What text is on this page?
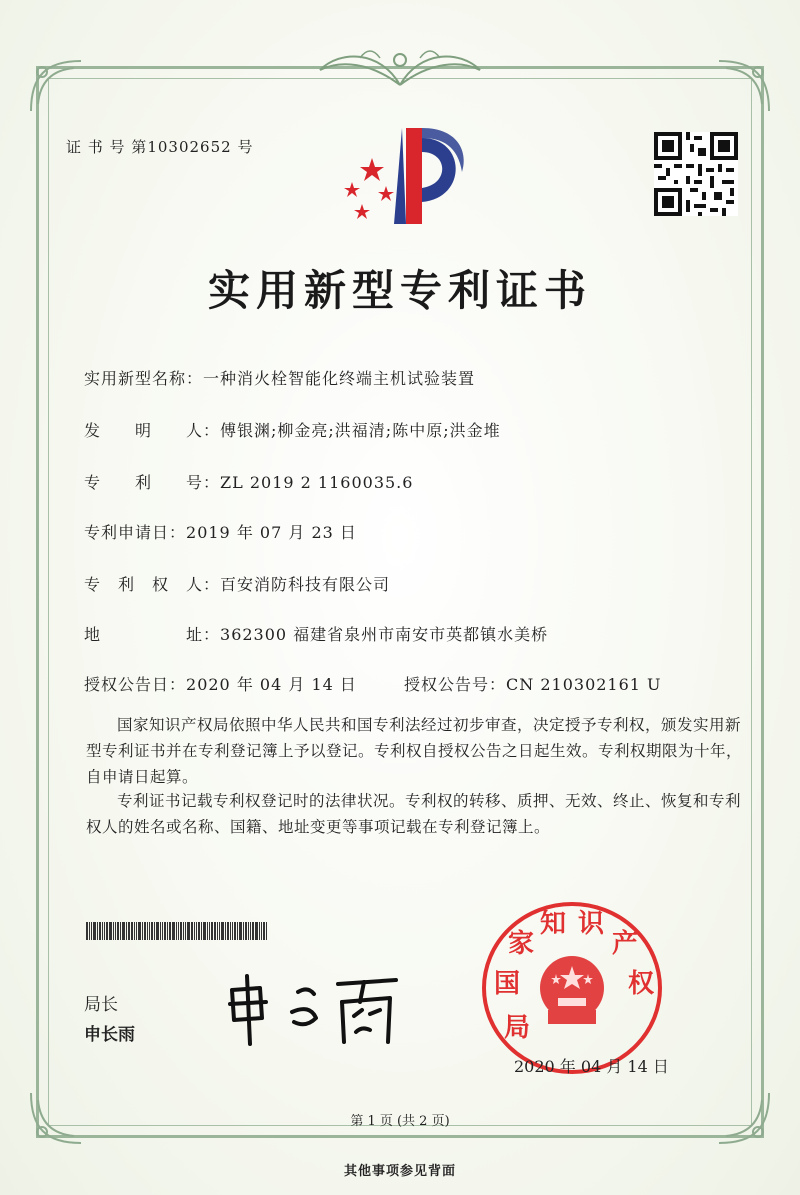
证 书 号 第10302652 号
实用新型专利证书
实用新型名称：一种消火栓智能化终端主机试验装置
发　　明　　人：傅银渊;柳金亮;洪福清;陈中原;洪金堆
专　　利　　号：ZL 2019 2 1160035.6
专利申请日：2019 年 07 月 23 日
专　利　权　人：百安消防科技有限公司
地　　　　　址：362300 福建省泉州市南安市英都镇水美桥
授权公告日：2020 年 04 月 14 日	授权公告号：CN 210302161 U
国家知识产权局依照中华人民共和国专利法经过初步审查，决定授予专利权，颁发实用新型专利证书并在专利登记簿上予以登记。专利权自授权公告之日起生效。专利权期限为十年，自申请日起算。
专利证书记载专利权登记时的法律状况。专利权的转移、质押、无效、终止、恢复和专利权人的姓名或名称、国籍、地址变更等事项记载在专利登记簿上。
局长
申长雨
国
家
知 识
产
权
局
2020 年 04 月 14 日
第 1 页 (共 2 页)
其他事项参见背面
